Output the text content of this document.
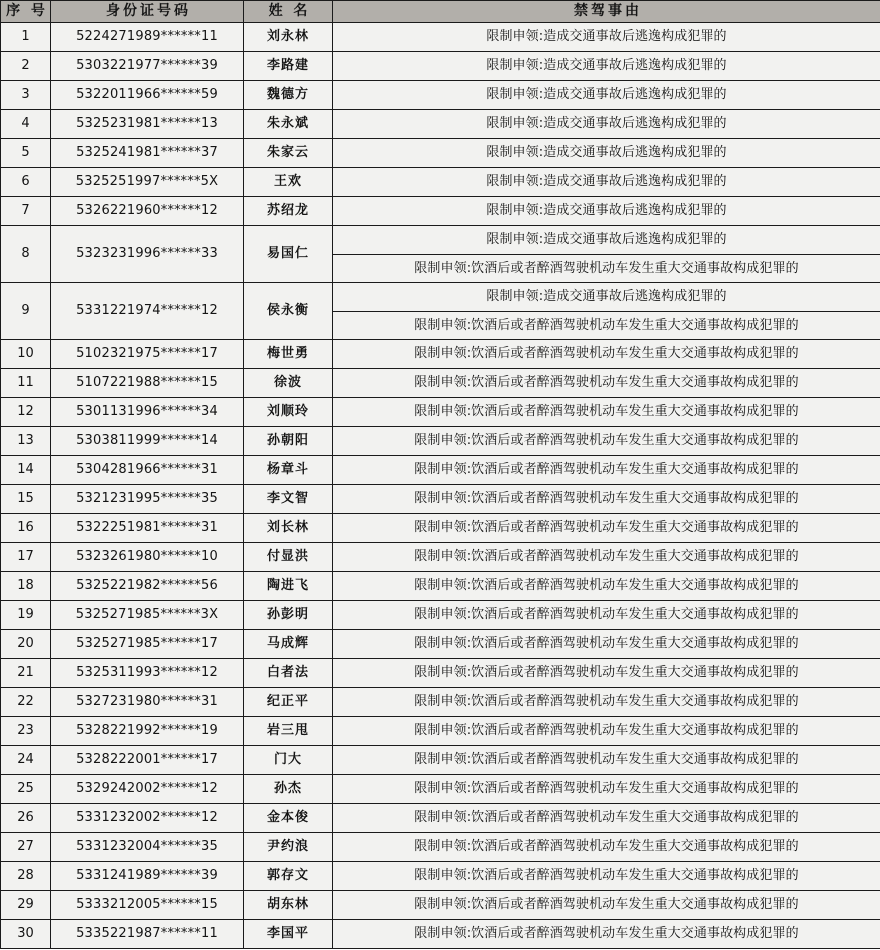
序 号	身份证号码	姓 名	禁驾事由
1	5224271989******11	刘永林	限制申领:造成交通事故后逃逸构成犯罪的
2	5303221977******39	李路建	限制申领:造成交通事故后逃逸构成犯罪的
3	5322011966******59	魏德方	限制申领:造成交通事故后逃逸构成犯罪的
4	5325231981******13	朱永斌	限制申领:造成交通事故后逃逸构成犯罪的
5	5325241981******37	朱家云	限制申领:造成交通事故后逃逸构成犯罪的
6	5325251997******5X	王欢	限制申领:造成交通事故后逃逸构成犯罪的
7	5326221960******12	苏绍龙	限制申领:造成交通事故后逃逸构成犯罪的
8	5323231996******33	易国仁	限制申领:造成交通事故后逃逸构成犯罪的
限制申领:饮酒后或者醉酒驾驶机动车发生重大交通事故构成犯罪的

9	5331221974******12	侯永衡	限制申领:造成交通事故后逃逸构成犯罪的
限制申领:饮酒后或者醉酒驾驶机动车发生重大交通事故构成犯罪的

10	5102321975******17	梅世勇	限制申领:饮酒后或者醉酒驾驶机动车发生重大交通事故构成犯罪的
11	5107221988******15	徐波	限制申领:饮酒后或者醉酒驾驶机动车发生重大交通事故构成犯罪的
12	5301131996******34	刘顺玲	限制申领:饮酒后或者醉酒驾驶机动车发生重大交通事故构成犯罪的
13	5303811999******14	孙朝阳	限制申领:饮酒后或者醉酒驾驶机动车发生重大交通事故构成犯罪的
14	5304281966******31	杨章斗	限制申领:饮酒后或者醉酒驾驶机动车发生重大交通事故构成犯罪的
15	5321231995******35	李文智	限制申领:饮酒后或者醉酒驾驶机动车发生重大交通事故构成犯罪的
16	5322251981******31	刘长林	限制申领:饮酒后或者醉酒驾驶机动车发生重大交通事故构成犯罪的
17	5323261980******10	付显洪	限制申领:饮酒后或者醉酒驾驶机动车发生重大交通事故构成犯罪的
18	5325221982******56	陶进飞	限制申领:饮酒后或者醉酒驾驶机动车发生重大交通事故构成犯罪的
19	5325271985******3X	孙彭明	限制申领:饮酒后或者醉酒驾驶机动车发生重大交通事故构成犯罪的
20	5325271985******17	马成辉	限制申领:饮酒后或者醉酒驾驶机动车发生重大交通事故构成犯罪的
21	5325311993******12	白者法	限制申领:饮酒后或者醉酒驾驶机动车发生重大交通事故构成犯罪的
22	5327231980******31	纪正平	限制申领:饮酒后或者醉酒驾驶机动车发生重大交通事故构成犯罪的
23	5328221992******19	岩三甩	限制申领:饮酒后或者醉酒驾驶机动车发生重大交通事故构成犯罪的
24	5328222001******17	门大	限制申领:饮酒后或者醉酒驾驶机动车发生重大交通事故构成犯罪的
25	5329242002******12	孙杰	限制申领:饮酒后或者醉酒驾驶机动车发生重大交通事故构成犯罪的
26	5331232002******12	金本俊	限制申领:饮酒后或者醉酒驾驶机动车发生重大交通事故构成犯罪的
27	5331232004******35	尹约浪	限制申领:饮酒后或者醉酒驾驶机动车发生重大交通事故构成犯罪的
28	5331241989******39	郭存文	限制申领:饮酒后或者醉酒驾驶机动车发生重大交通事故构成犯罪的
29	5333212005******15	胡东林	限制申领:饮酒后或者醉酒驾驶机动车发生重大交通事故构成犯罪的
30	5335221987******11	李国平	限制申领:饮酒后或者醉酒驾驶机动车发生重大交通事故构成犯罪的
